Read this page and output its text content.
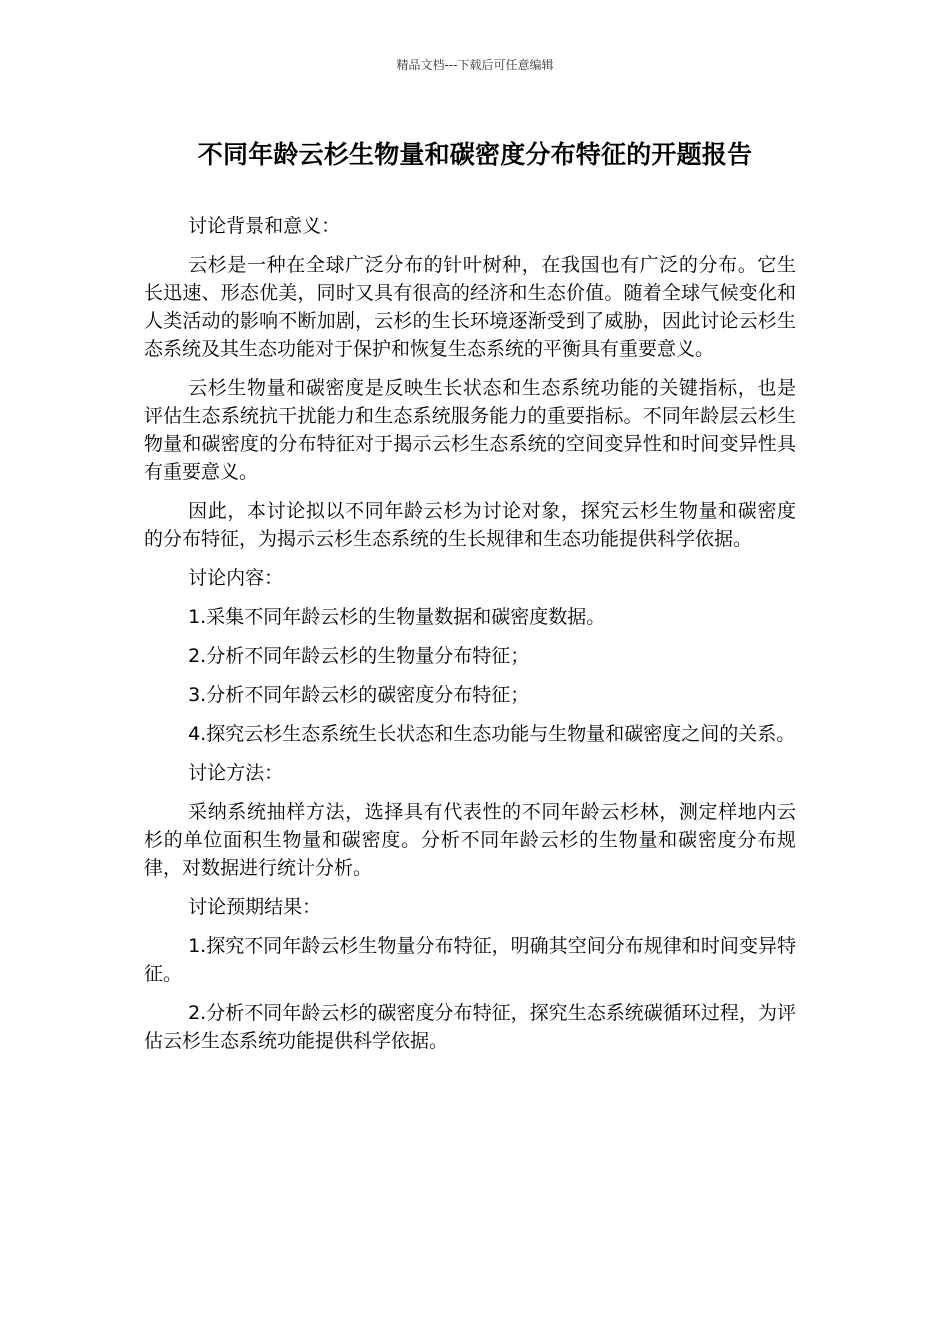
精品文档---下载后可任意编辑
不同年龄云杉生物量和碳密度分布特征的开题报告

讨论背景和意义：

云杉是一种在全球广泛分布的针叶树种，在我国也有广泛的分布。它生长迅速、形态优美，同时又具有很高的经济和生态价值。随着全球气候变化和人类活动的影响不断加剧，云杉的生长环境逐渐受到了威胁，因此讨论云杉生态系统及其生态功能对于保护和恢复生态系统的平衡具有重要意义。

云杉生物量和碳密度是反映生长状态和生态系统功能的关键指标，也是评估生态系统抗干扰能力和生态系统服务能力的重要指标。不同年龄层云杉生物量和碳密度的分布特征对于揭示云杉生态系统的空间变异性和时间变异性具有重要意义。

因此，本讨论拟以不同年龄云杉为讨论对象，探究云杉生物量和碳密度的分布特征，为揭示云杉生态系统的生长规律和生态功能提供科学依据。

讨论内容：

1.采集不同年龄云杉的生物量数据和碳密度数据。

2.分析不同年龄云杉的生物量分布特征；

3.分析不同年龄云杉的碳密度分布特征；

4.探究云杉生态系统生长状态和生态功能与生物量和碳密度之间的关系。

讨论方法：

采纳系统抽样方法，选择具有代表性的不同年龄云杉林，测定样地内云杉的单位面积生物量和碳密度。分析不同年龄云杉的生物量和碳密度分布规律，对数据进行统计分析。

讨论预期结果：

1.探究不同年龄云杉生物量分布特征，明确其空间分布规律和时间变异特征。

2.分析不同年龄云杉的碳密度分布特征，探究生态系统碳循环过程，为评估云杉生态系统功能提供科学依据。
